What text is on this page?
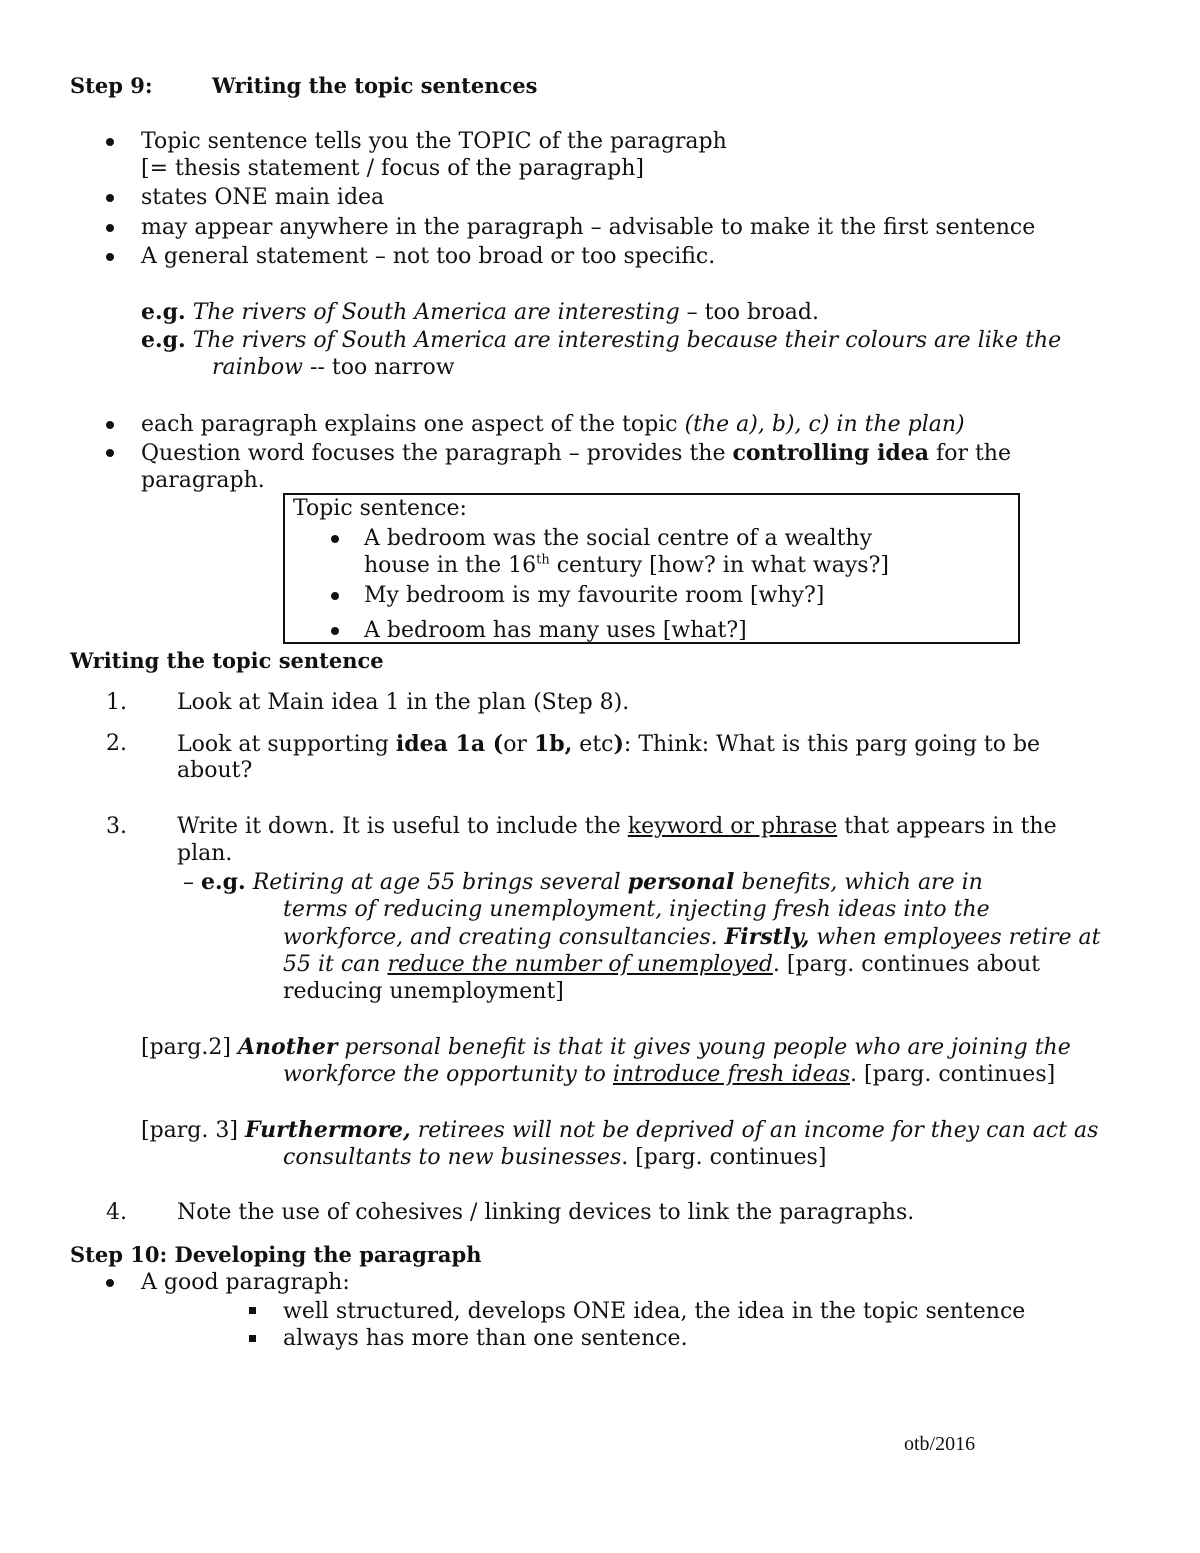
Step 9:	Writing the topic sentences
Topic sentence tells you the TOPIC of the paragraph
[= thesis statement / focus of the paragraph]
states ONE main idea
may appear anywhere in the paragraph – advisable to make it the first sentence
A general statement – not too broad or too specific.
e.g. The rivers of South America are interesting – too broad.
e.g. The rivers of South America are interesting because their colours are like the
rainbow -- too narrow
each paragraph explains one aspect of the topic (the a), b), c) in the plan)
Question word focuses the paragraph – provides the controlling idea for the
paragraph.
Topic sentence:
A bedroom was the social centre of a wealthy
house in the 16th century [how? in what ways?]
My bedroom is my favourite room [why?]
A bedroom has many uses [what?]
Writing the topic sentence
1. Look at Main idea 1 in the plan (Step 8).
2. Look at supporting idea 1a (or 1b, etc): Think: What is this parg going to be
about?
3. Write it down. It is useful to include the keyword or phrase that appears in the
plan.
– e.g. Retiring at age 55 brings several personal benefits, which are in
terms of reducing unemployment, injecting fresh ideas into the
workforce, and creating consultancies. Firstly, when employees retire at
55 it can reduce the number of unemployed. [parg. continues about
reducing unemployment]
[parg.2] Another personal benefit is that it gives young people who are joining the
workforce the opportunity to introduce fresh ideas. [parg. continues]
[parg. 3] Furthermore, retirees will not be deprived of an income for they can act as
consultants to new businesses. [parg. continues]
4. Note the use of cohesives / linking devices to link the paragraphs.
Step 10: Developing the paragraph
A good paragraph:
well structured, develops ONE idea, the idea in the topic sentence
always has more than one sentence.
otb/2016
